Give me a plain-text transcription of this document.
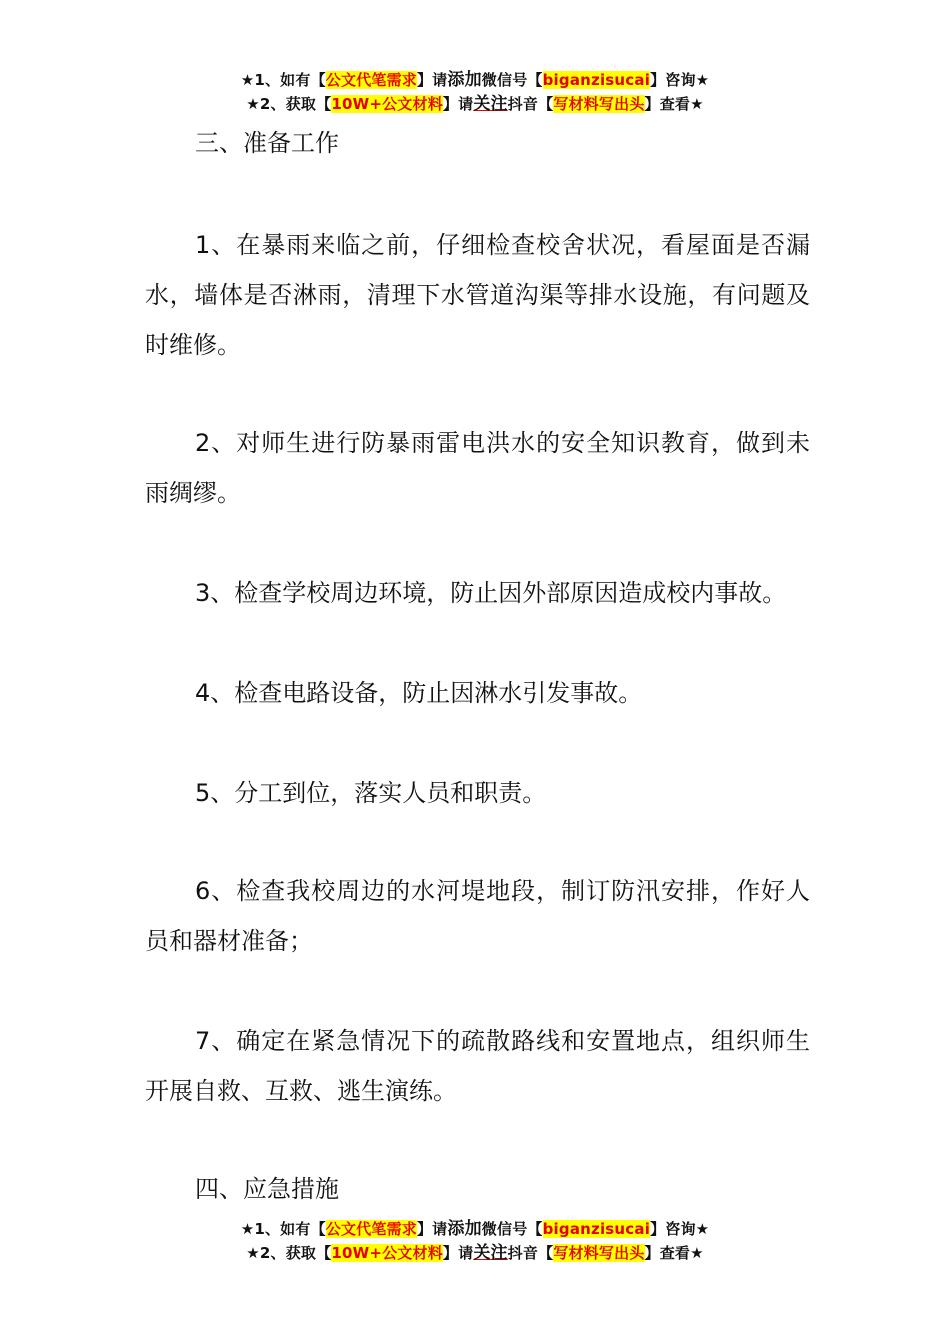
★1、如有【公文代笔需求】请添加微信号【biganzisucai】咨询★
★2、获取【10W+公文材料】请关注抖音【写材料写出头】查看★

三、准备工作

1、在暴雨来临之前，仔细检查校舍状况，看屋面是否漏水，墙体是否淋雨，清理下水管道沟渠等排水设施，有问题及时维修。

2、对师生进行防暴雨雷电洪水的安全知识教育，做到未雨绸缪。

3、检查学校周边环境，防止因外部原因造成校内事故。

4、检查电路设备，防止因淋水引发事故。

5、分工到位，落实人员和职责。

6、检查我校周边的水河堤地段，制订防汛安排，作好人员和器材准备；

7、确定在紧急情况下的疏散路线和安置地点，组织师生开展自救、互救、逃生演练。

四、应急措施

★1、如有【公文代笔需求】请添加微信号【biganzisucai】咨询★
★2、获取【10W+公文材料】请关注抖音【写材料写出头】查看★
